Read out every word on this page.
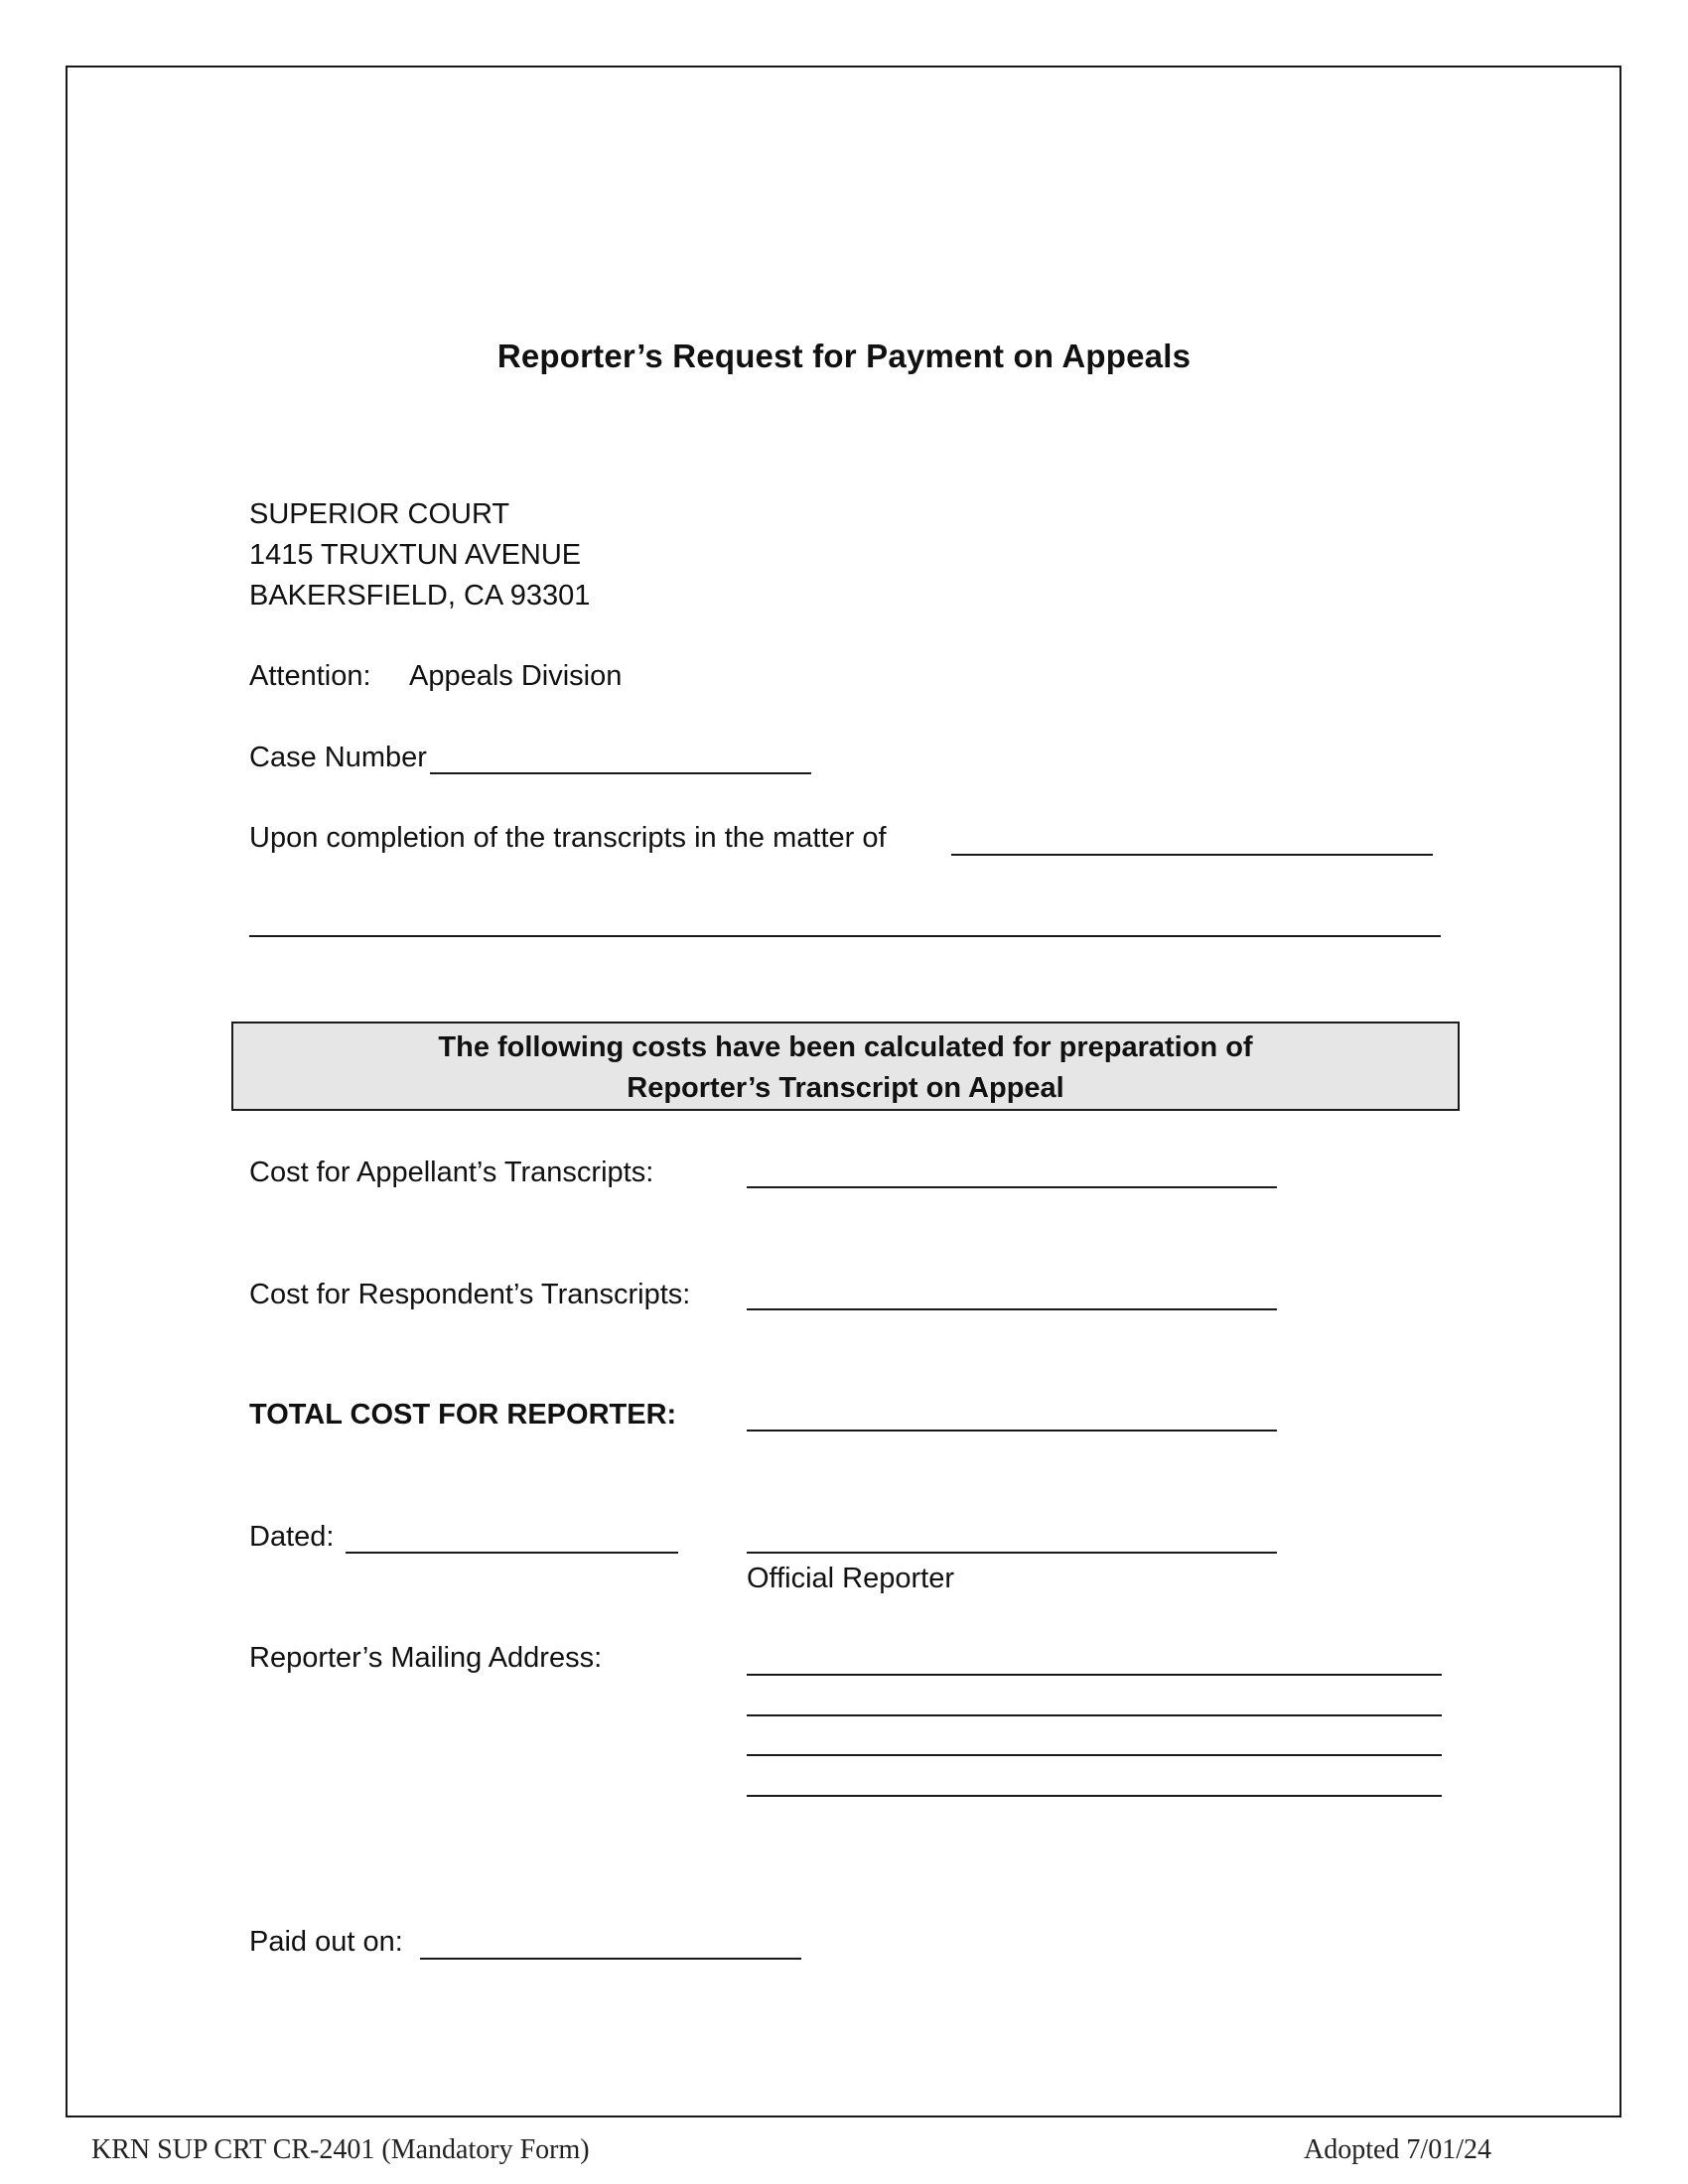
Reporter’s Request for Payment on Appeals
SUPERIOR COURT
1415 TRUXTUN AVENUE
BAKERSFIELD, CA 93301
Attention: Appeals Division
Case Number
Upon completion of the transcripts in the matter of
The following costs have been calculated for preparation of
Reporter’s Transcript on Appeal
Cost for Appellant’s Transcripts:
Cost for Respondent’s Transcripts:
TOTAL COST FOR REPORTER:
Dated:
Official Reporter
Reporter’s Mailing Address:
Paid out on:
KRN SUP CRT CR-2401 (Mandatory Form)	Adopted 7/01/24
